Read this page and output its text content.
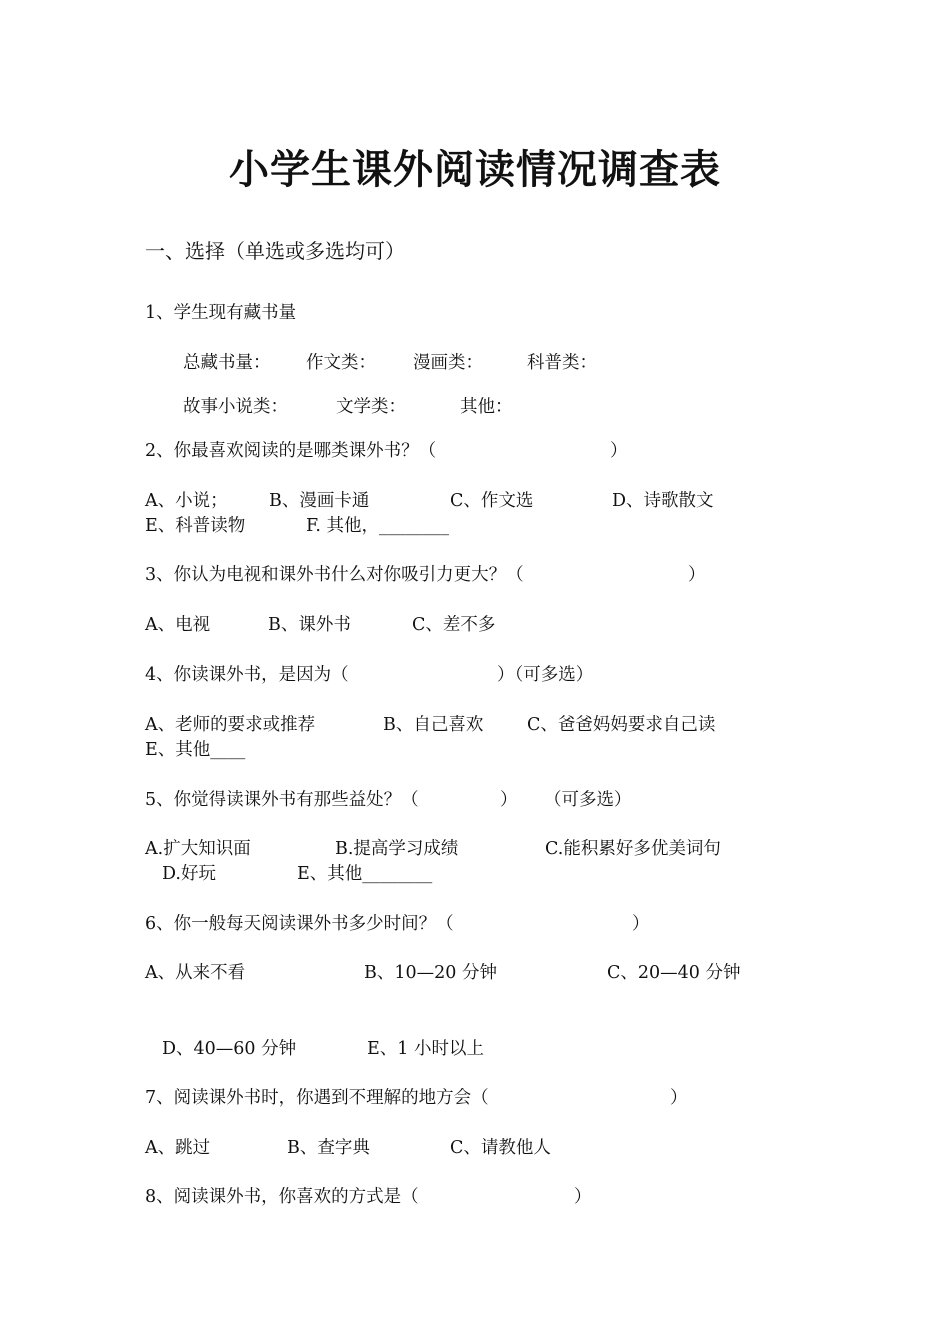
小学生课外阅读情况调查表
一、选择（单选或多选均可）
1、学生现有藏书量
总藏书量： 作文类： 漫画类：	科普类：
故事小说类：	文学类：	其他：
2、你最喜欢阅读的是哪类课外书？（	）
A、小说； B、漫画卡通	C、作文选	D、诗歌散文
E、科普读物	F. 其他，________
3、你认为电视和课外书什么对你吸引力更大？（	）
A、电视	B、课外书	C、差不多
4、你读课外书，是因为（	）（可多选）
A、老师的要求或推荐	B、自己喜欢 C、爸爸妈妈要求自己读
E、其他____
5、你觉得读课外书有那些益处？（	） （可多选）
A.扩大知识面	B.提高学习成绩	C.能积累好多优美词句
D.好玩	E、其他________
6、你一般每天阅读课外书多少时间？（	）
A、从来不看	B、10—20 分钟	C、20—40 分钟
D、40—60 分钟	E、1 小时以上
7、阅读课外书时，你遇到不理解的地方会（	）
A、跳过	B、查字典	C、请教他人
8、阅读课外书，你喜欢的方式是（	）
